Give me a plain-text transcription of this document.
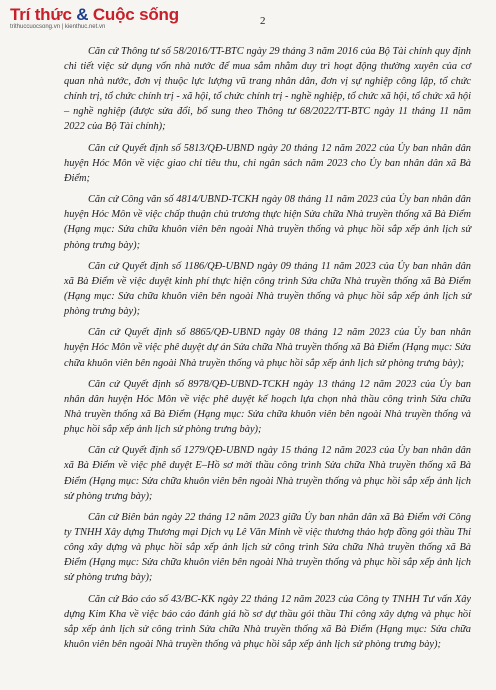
Trí thức & Cuộc sống
trithuccuocsong.vn | kienthuc.net.vn	2

Căn cứ Thông tư số 58/2016/TT-BTC ngày 29 tháng 3 năm 2016 của Bộ Tài chính quy định chi tiết việc sử dụng vốn nhà nước để mua sắm nhằm duy trì hoạt động thường xuyên của cơ quan nhà nước, đơn vị thuộc lực lượng vũ trang nhân dân, đơn vị sự nghiệp công lập, tổ chức chính trị, tổ chức chính trị - xã hội, tổ chức chính trị - nghề nghiệp, tổ chức xã hội, tổ chức xã hội – nghề nghiệp (được sửa đổi, bổ sung theo Thông tư 68/2022/TT-BTC ngày 11 tháng 11 năm 2022 của Bộ Tài chính);

Căn cứ Quyết định số 5813/QĐ-UBND ngày 20 tháng 12 năm 2022 của Ủy ban nhân dân huyện Hóc Môn về việc giao chỉ tiêu thu, chi ngân sách năm 2023 cho Ủy ban nhân dân xã Bà Điểm;

Căn cứ Công văn số 4814/UBND-TCKH ngày 08 tháng 11 năm 2023 của Ủy ban nhân dân huyện Hóc Môn về việc chấp thuận chủ trương thực hiện Sửa chữa Nhà truyền thống xã Bà Điểm (Hạng mục: Sửa chữa khuôn viên bên ngoài Nhà truyền thống và phục hồi sắp xếp ảnh lịch sử phòng trưng bày);

Căn cứ Quyết định số 1186/QĐ-UBND ngày 09 tháng 11 năm 2023 của Ủy ban nhân dân xã Bà Điểm về việc duyệt kinh phí thực hiện công trình Sửa chữa Nhà truyền thống xã Bà Điểm (Hạng mục: Sửa chữa khuôn viên bên ngoài Nhà truyền thống và phục hồi sắp xếp ảnh lịch sử phòng trưng bày);

Căn cứ Quyết định số 8865/QĐ-UBND ngày 08 tháng 12 năm 2023 của Ủy ban nhân huyện Hóc Môn về việc phê duyệt dự án Sửa chữa Nhà truyền thống xã Bà Điểm (Hạng mục: Sửa chữa khuôn viên bên ngoài Nhà truyền thống và phục hồi sắp xếp ảnh lịch sử phòng trưng bày);

Căn cứ Quyết định số 8978/QĐ-UBND-TCKH ngày 13 tháng 12 năm 2023 của Ủy ban nhân dân huyện Hóc Môn về việc phê duyệt kế hoạch lựa chọn nhà thầu công trình Sửa chữa Nhà truyền thống xã Bà Điểm (Hạng mục: Sửa chữa khuôn viên bên ngoài Nhà truyền thống và phục hồi sắp xếp ảnh lịch sử phòng trưng bày);

Căn cứ Quyết định số 1279/QĐ-UBND ngày 15 tháng 12 năm 2023 của Ủy ban nhân dân xã Bà Điểm về việc phê duyệt E–Hồ sơ mời thầu công trình Sửa chữa Nhà truyền thống xã Bà Điểm (Hạng mục: Sửa chữa khuôn viên bên ngoài Nhà truyền thống và phục hồi sắp xếp ảnh lịch sử phòng trưng bày);

Căn cứ Biên bản ngày 22 tháng 12 năm 2023 giữa Ủy ban nhân dân xã Bà Điểm với Công ty TNHH Xây dựng Thương mại Dịch vụ Lê Văn Minh về việc thương thảo hợp đồng gói thầu Thi công xây dựng và phục hồi sắp xếp ảnh lịch sử công trình Sửa chữa Nhà truyền thống xã Bà Điểm (Hạng mục: Sửa chữa khuôn viên bên ngoài Nhà truyền thống và phục hồi sắp xếp ảnh lịch sử phòng trưng bày);

Căn cứ Báo cáo số 43/BC-KK ngày 22 tháng 12 năm 2023 của Công ty TNHH Tư vấn Xây dựng Kim Kha về việc báo cáo đánh giá hồ sơ dự thầu gói thầu Thi công xây dựng và phục hồi sắp xếp ảnh lịch sử công trình Sửa chữa Nhà truyền thống xã Bà Điểm (Hạng mục: Sửa chữa khuôn viên bên ngoài Nhà truyền thống và phục hồi sắp xếp ảnh lịch sử phòng trưng bày);
